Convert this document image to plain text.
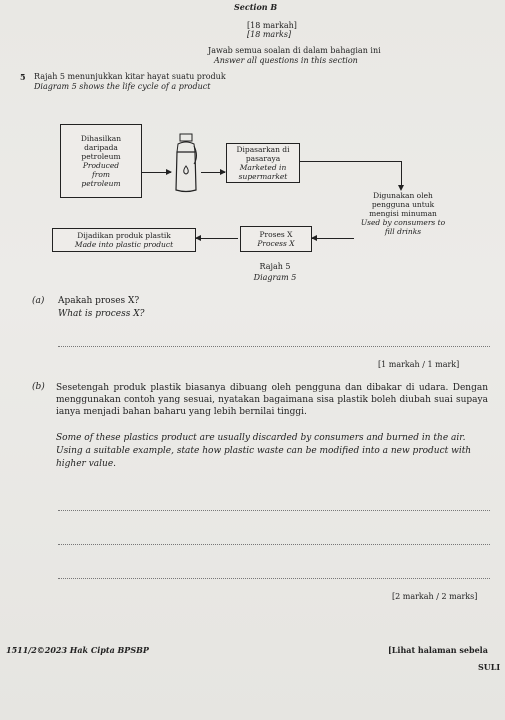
Section B
[18 markah]
[18 marks]
Jawab semua soalan di dalam bahagian ini
Answer all questions in this section
5 Rajah 5 menunjukkan kitar hayat suatu produk
Diagram 5 shows the life cycle of a product
Dihasilkan
daripada
petroleum
Produced
from
petroleum
Dipasarkan di
pasaraya
Marketed in
supermarket
Digunakan oleh
pengguna untuk
mengisi minuman
Used by consumers to
fill drinks
Proses X
Process X
Dijadikan produk plastik
Made into plastic product
Rajah 5
Diagram 5
(a) Apakah proses X?
What is process X?
[1 markah / 1 mark]
(b) Sesetengah produk plastik biasanya dibuang oleh pengguna dan dibakar di udara. Dengan menggunakan contoh yang sesuai, nyatakan bagaimana sisa plastik boleh diubah suai supaya ianya menjadi bahan baharu yang lebih bernilai tinggi.
Some of these plastics product are usually discarded by consumers and burned in the air. Using a suitable example, state how plastic waste can be modified into a new product with higher value.
[2 markah / 2 marks]
1511/2©2023 Hak Cipta BPSBP	[Lihat halaman sebela
SULI
